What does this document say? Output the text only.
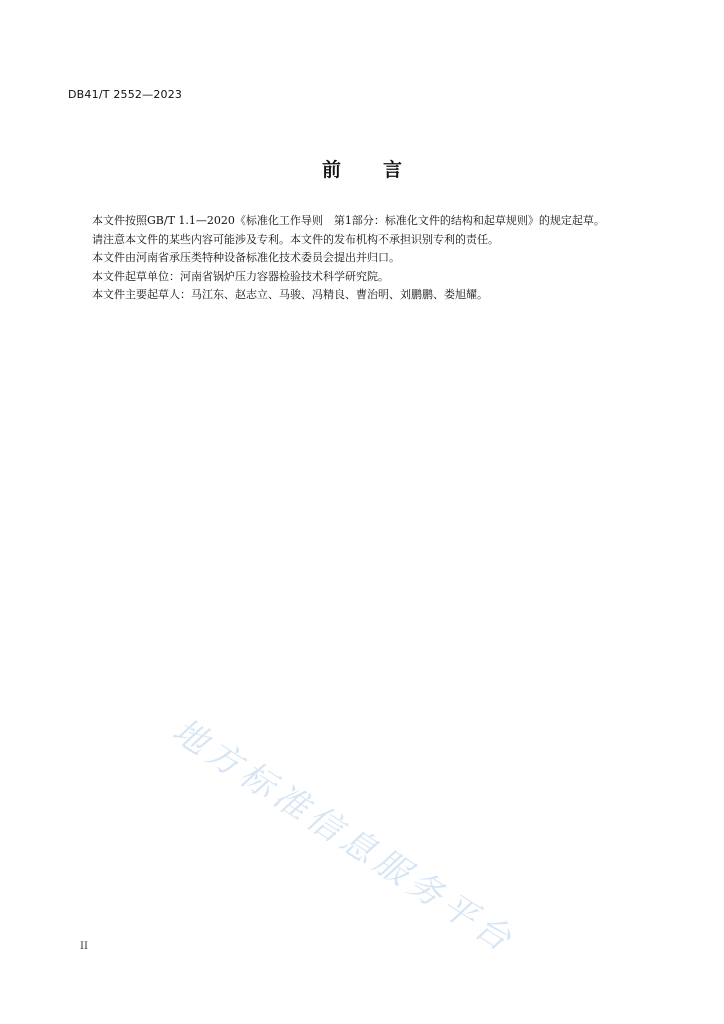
DB41/T 2552—2023
前 言

本文件按照GB/T 1.1—2020《标准化工作导则　第1部分：标准化文件的结构和起草规则》的规定起草。

请注意本文件的某些内容可能涉及专利。本文件的发布机构不承担识别专利的责任。

本文件由河南省承压类特种设备标准化技术委员会提出并归口。

本文件起草单位：河南省锅炉压力容器检验技术科学研究院。

本文件主要起草人：马江东、赵志立、马骏、冯精良、曹治明、刘鹏鹏、娄旭耀。

地方标准信息服务平台
II
